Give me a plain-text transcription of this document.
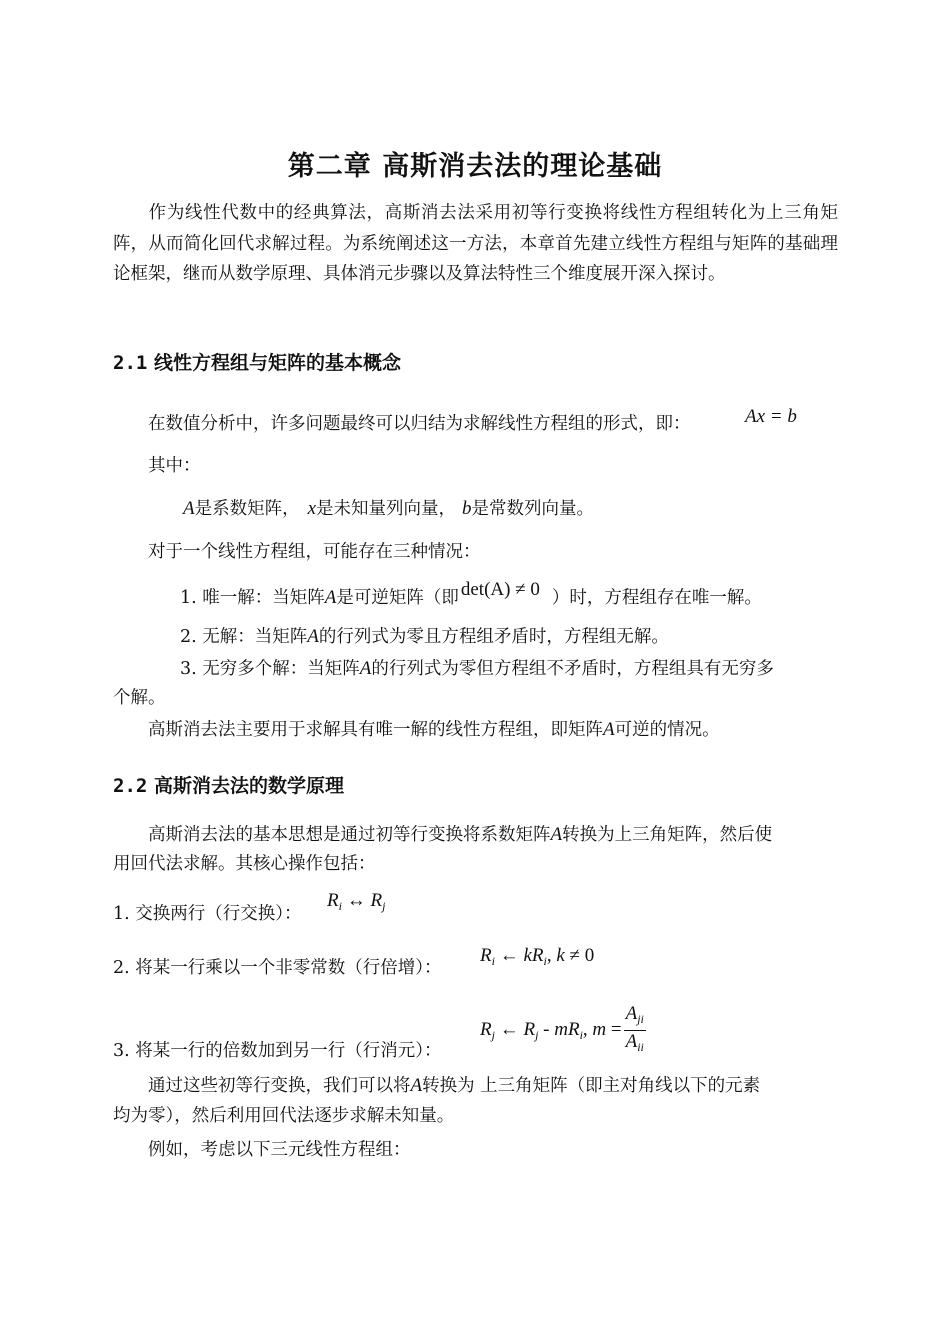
第二章 高斯消去法的理论基础
作为线性代数中的经典算法，高斯消去法采用初等行变换将线性方程组转化为上三角矩阵，从而简化回代求解过程。为系统阐述这一方法，本章首先建立线性方程组与矩阵的基础理论框架，继而从数学原理、具体消元步骤以及算法特性三个维度展开深入探讨。
2.1 线性方程组与矩阵的基本概念
在数值分析中，许多问题最终可以归结为求解线性方程组的形式，即：	Ax = b
其中：
A是系数矩阵， x是未知量列向量， b是常数列向量。
对于一个线性方程组，可能存在三种情况：
1. 唯一解：当矩阵A是可逆矩阵（即 det(A) ≠ 0 ）时，方程组存在唯一解。
2. 无解：当矩阵A的行列式为零且方程组矛盾时，方程组无解。
3. 无穷多个解：当矩阵A的行列式为零但方程组不矛盾时，方程组具有无穷多
个解。
高斯消去法主要用于求解具有唯一解的线性方程组，即矩阵A可逆的情况。
2.2 高斯消去法的数学原理
高斯消去法的基本思想是通过初等行变换将系数矩阵A转换为上三角矩阵，然后使
用回代法求解。其核心操作包括：
1. 交换两行（行交换）：
$R_i$ ↔ $R_j$
2. 将某一行乘以一个非零常数（行倍增）：
$R_i$ ← $kR_i$, k ≠ 0
3. 将某一行的倍数加到另一行（行消元）：
$R_j$ ← $R_j - mR_i$, $m = \frac{A_{ji}}{A_{ii}}$
通过这些初等行变换，我们可以将A转换为 上三角矩阵（即主对角线以下的元素
均为零），然后利用回代法逐步求解未知量。
例如，考虑以下三元线性方程组：
